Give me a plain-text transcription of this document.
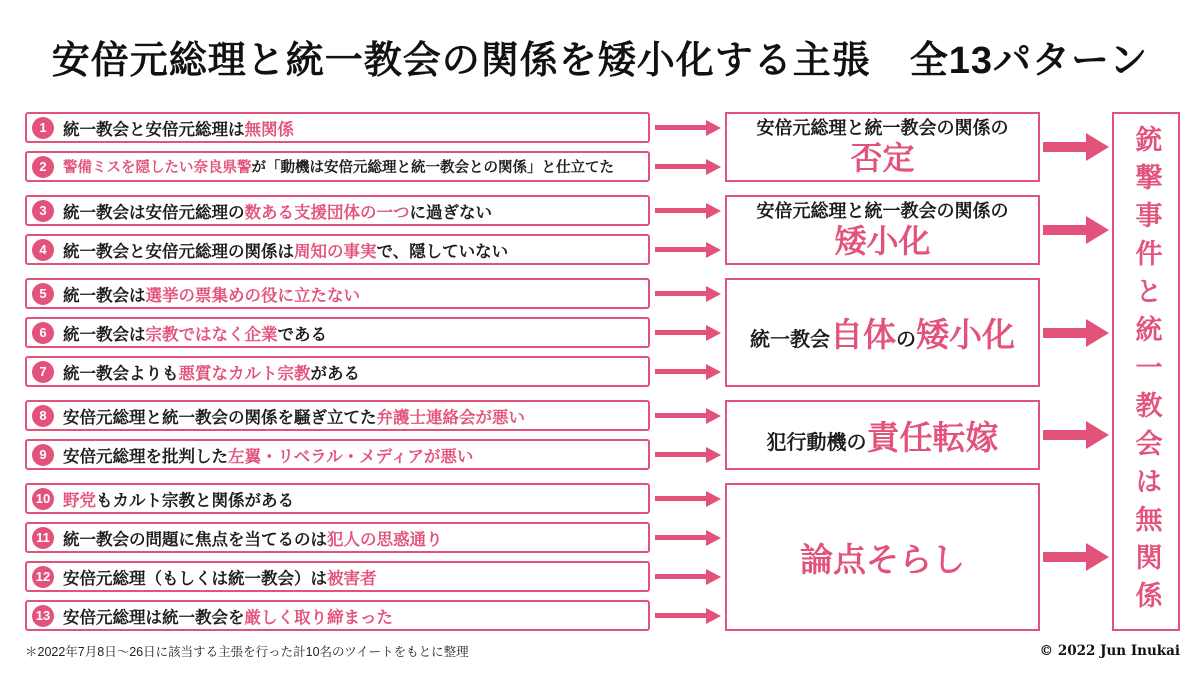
安倍元総理と統一教会の関係を矮小化する主張　全13パターン
1 統一教会と安倍元総理は無関係
2	警備ミスを隠したい奈良県警が「動機は安倍元総理と統一教会との関係」と仕立てた
安倍元総理と統一教会の関係の
否定
3 統一教会は安倍元総理の数ある支援団体の一つに過ぎない
4 統一教会と安倍元総理の関係は周知の事実で、隠していない
安倍元総理と統一教会の関係の
矮小化
5 統一教会は選挙の票集めの役に立たない
6 統一教会は宗教ではなく企業である
7 統一教会よりも悪質なカルト宗教がある
統一教会自体の矮小化
8 安倍元総理と統一教会の関係を騒ぎ立てた弁護士連絡会が悪い
9 安倍元総理を批判した左翼・リベラル・メディアが悪い
犯行動機の責任転嫁
10 野党もカルト宗教と関係がある
11 統一教会の問題に焦点を当てるのは犯人の思惑通り
12 安倍元総理（もしくは統一教会）は被害者
13 安倍元総理は統一教会を厳しく取り締まった
論点そらし	銃撃事件と統一教会は無関係
＊2022年7月8日〜26日に該当する主張を行った計10名のツイートをもとに整理	© 2022 Jun Inukai
